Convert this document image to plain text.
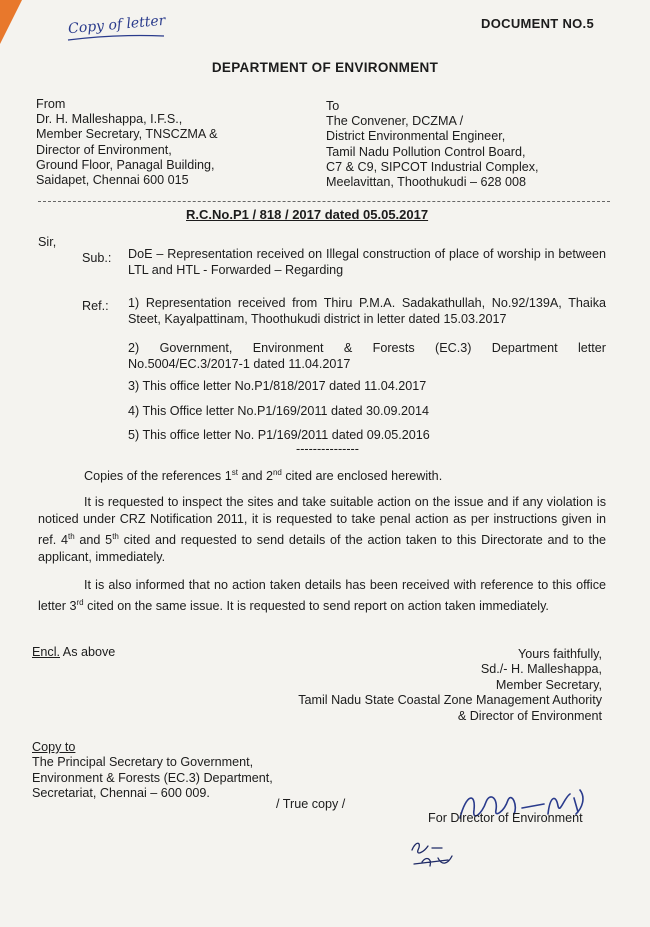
Copy of letter	DOCUMENT NO.5
DEPARTMENT OF ENVIRONMENT
From
Dr. H. Malleshappa, I.F.S.,
Member Secretary, TNSCZMA &
Director of Environment,
Ground Floor, Panagal Building,
Saidapet, Chennai 600 015
To
The Convener, DCZMA /
District Environmental Engineer,
Tamil Nadu Pollution Control Board,
C7 & C9, SIPCOT Industrial Complex,
Meelavittan, Thoothukudi – 628 008
R.C.No.P1 / 818 / 2017 dated 05.05.2017
Sir,
Sub.: DoE – Representation received on Illegal construction of place of worship in between LTL and HTL - Forwarded – Regarding
Ref.: 1) Representation received from Thiru P.M.A. Sadakathullah, No.92/139A, Thaika Steet, Kayalpattinam, Thoothukudi district in letter dated 15.03.2017
2) Government, Environment & Forests (EC.3) Department letter No.5004/EC.3/2017-1 dated 11.04.2017
3) This office letter No.P1/818/2017 dated 11.04.2017
4) This Office letter No.P1/169/2011 dated 30.09.2014
5) This office letter No. P1/169/2011 dated 09.05.2016
---------------
Copies of the references 1st and 2nd cited are enclosed herewith.
It is requested to inspect the sites and take suitable action on the issue and if any violation is noticed under CRZ Notification 2011, it is requested to take penal action as per instructions given in ref. 4th and 5th cited and requested to send details of the action taken to this Directorate and to the applicant, immediately.
It is also informed that no action taken details has been received with reference to this office letter 3rd cited on the same issue. It is requested to send report on action taken immediately.
Encl. As above	Yours faithfully,
Sd./- H. Malleshappa,
Member Secretary,
Tamil Nadu State Coastal Zone Management Authority
& Director of Environment
Copy to
The Principal Secretary to Government,
Environment & Forests (EC.3) Department,
Secretariat, Chennai – 600 009.
/ True copy /
For Director of Environment
